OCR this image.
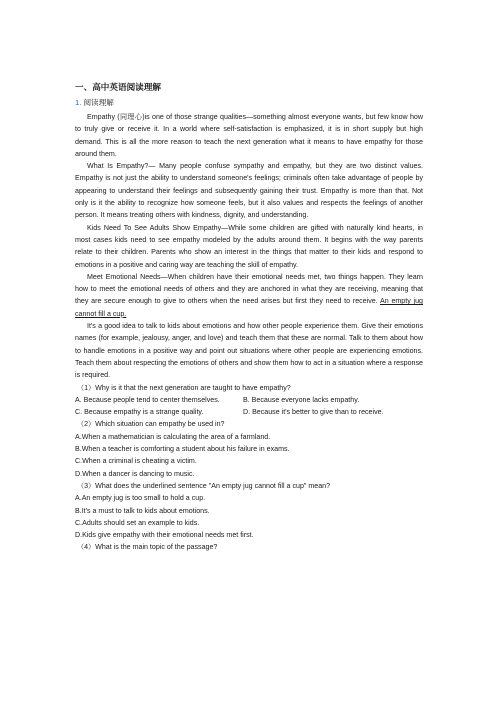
一、高中英语阅读理解
1. 阅读理解

Empathy (同理心)is one of those strange qualities—something almost everyone wants, but few know how to truly give or receive it. In a world where self-satisfaction is emphasized, it is in short supply but high demand. This is all the more reason to teach the next generation what it means to have empathy for those around them.

What Is Empathy?— Many people confuse sympathy and empathy, but they are two distinct values. Empathy is not just the ability to understand someone's feelings; criminals often take advantage of people by appearing to understand their feelings and subsequently gaining their trust. Empathy is more than that. Not only is it the ability to recognize how someone feels, but it also values and respects the feelings of another person. It means treating others with kindness, dignity, and understanding.

Kids Need To See Adults Show Empathy—While some children are gifted with naturally kind hearts, in most cases kids need to see empathy modeled by the adults around them. It begins with the way parents relate to their children. Parents who show an interest in the things that matter to their kids and respond to emotions in a positive and caring way are teaching the skill of empathy.

Meet Emotional Needs—When children have their emotional needs met, two things happen. They learn how to meet the emotional needs of others and they are anchored in what they are receiving, meaning that they are secure enough to give to others when the need arises but first they need to receive. An empty jug cannot fill a cup.

It's a good idea to talk to kids about emotions and how other people experience them. Give their emotions names (for example, jealousy, anger, and love) and teach them that these are normal. Talk to them about how to handle emotions in a positive way and point out situations where other people are experiencing emotions. Teach them about respecting the emotions of others and show them how to act in a situation where a response is required.

（1）Why is it that the next generation are taught to have empathy?

A. Because people tend to center themselves.	B. Because everyone lacks empathy.

C. Because empathy is a strange quality.	D. Because it's better to give than to receive.

（2）Which situation can empathy be used in?

A.When a mathematician is calculating the area of a farmland.

B.When a teacher is comforting a student about his failure in exams.

C.When a criminal is cheating a victim.

D.When a dancer is dancing to music.

（3）What does the underlined sentence "An empty jug cannot fill a cup" mean?

A.An empty jug is too small to hold a cup.

B.It's a must to talk to kids about emotions.

C.Adults should set an example to kids.

D.Kids give empathy with their emotional needs met first.

（4）What is the main topic of the passage?
